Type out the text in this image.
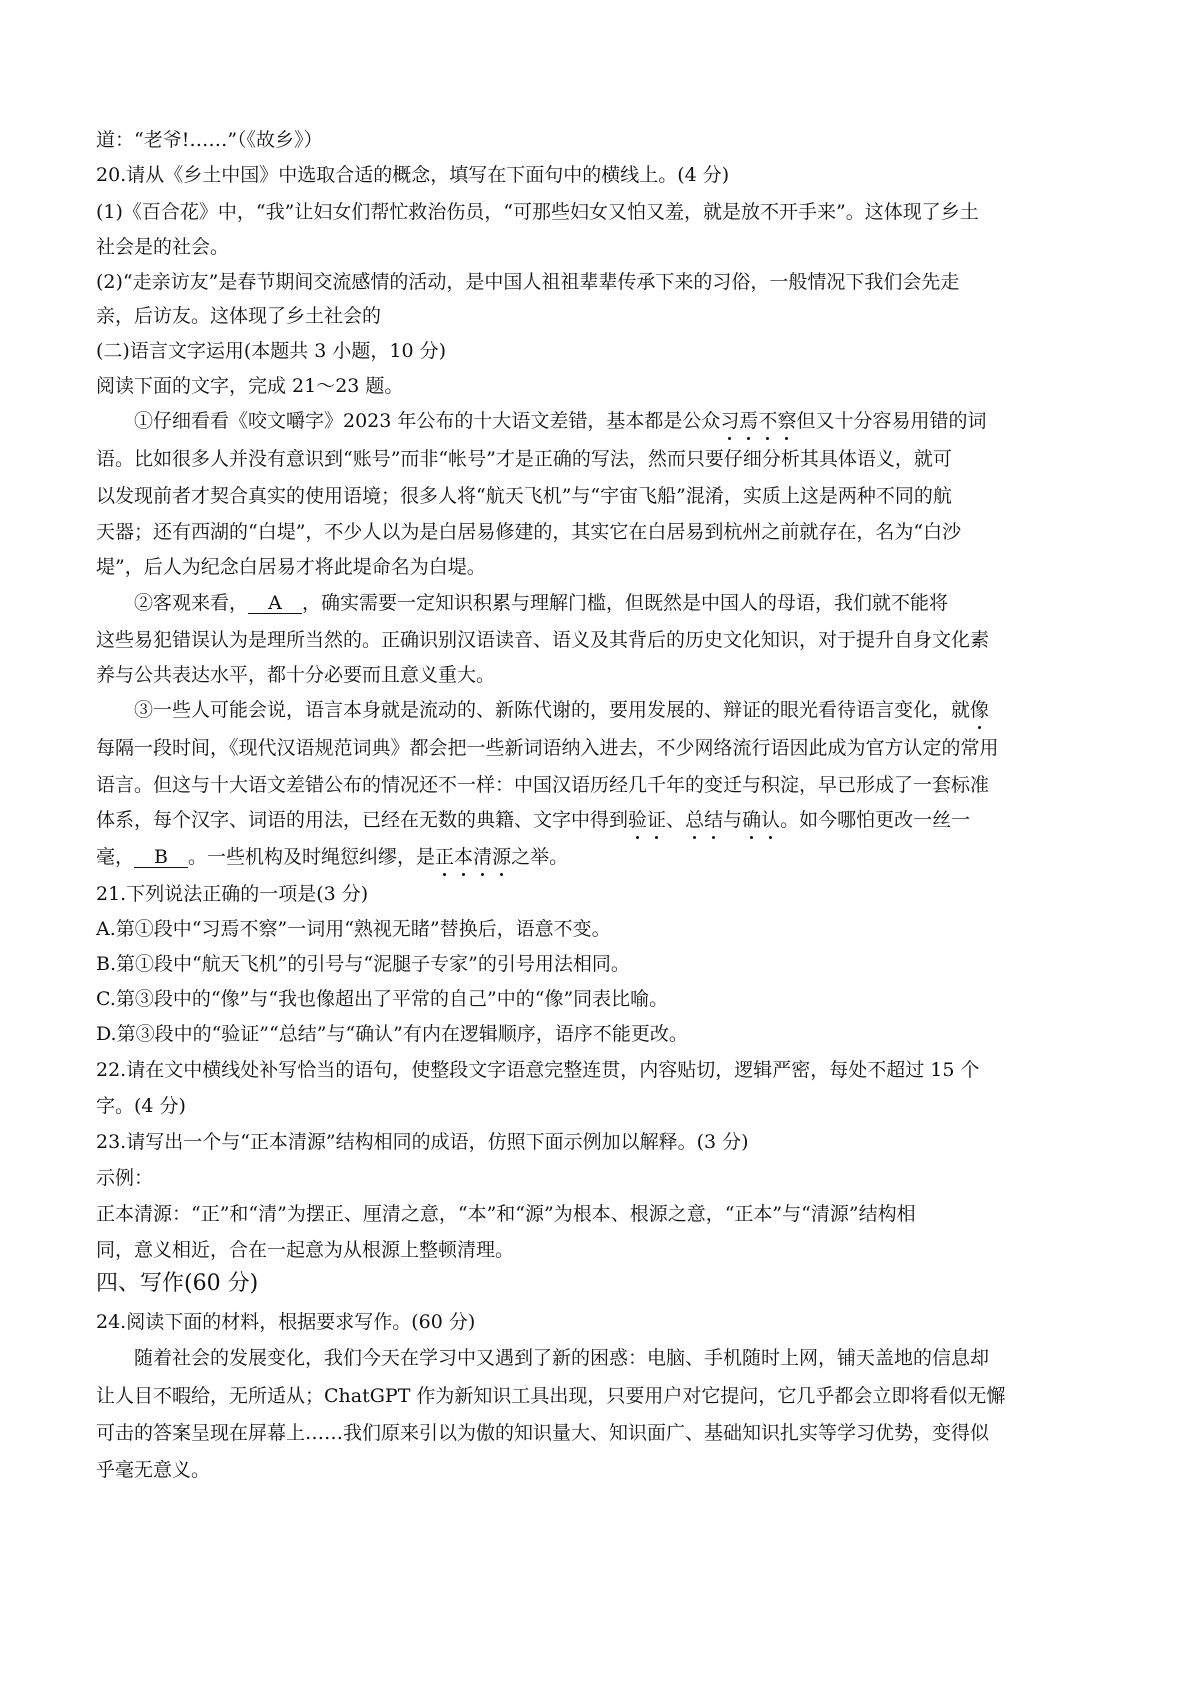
道：“老爷!……”（《故乡》）
20.请从《乡土中国》中选取合适的概念，填写在下面句中的横线上。(4 分)
(1)《百合花》中，“我”让妇女们帮忙救治伤员，“可那些妇女又怕又羞，就是放不开手来”。这体现了乡土
社会是的社会。
(2)“走亲访友”是春节期间交流感情的活动，是中国人祖祖辈辈传承下来的习俗，一般情况下我们会先走
亲，后访友。这体现了乡土社会的
(二)语言文字运用(本题共 3 小题，10 分)
阅读下面的文字，完成 21～23 题。
①仔细看看《咬文嚼字》2023 年公布的十大语文差错，基本都是公众习焉不察但又十分容易用错的词
语。比如很多人并没有意识到“账号”而非“帐号”才是正确的写法，然而只要仔细分析其具体语义，就可
以发现前者才契合真实的使用语境；很多人将“航天飞机”与“宇宙飞船”混淆，实质上这是两种不同的航
天器；还有西湖的“白堤”，不少人以为是白居易修建的，其实它在白居易到杭州之前就存在，名为“白沙
堤”，后人为纪念白居易才将此堤命名为白堤。
②客观来看， A ，确实需要一定知识积累与理解门槛，但既然是中国人的母语，我们就不能将
这些易犯错误认为是理所当然的。正确识别汉语读音、语义及其背后的历史文化知识，对于提升自身文化素
养与公共表达水平，都十分必要而且意义重大。
③一些人可能会说，语言本身就是流动的、新陈代谢的，要用发展的、辩证的眼光看待语言变化，就像
每隔一段时间，《现代汉语规范词典》都会把一些新词语纳入进去，不少网络流行语因此成为官方认定的常用
语言。但这与十大语文差错公布的情况还不一样：中国汉语历经几千年的变迁与积淀，早已形成了一套标准
体系，每个汉字、词语的用法，已经在无数的典籍、文字中得到验证、总结与确认。如今哪怕更改一丝一
毫， B 。一些机构及时绳愆纠缪，是正本清源之举。
21.下列说法正确的一项是(3 分)
A.第①段中“习焉不察”一词用“熟视无睹”替换后，语意不变。
B.第①段中“航天飞机”的引号与“泥腿子专家”的引号用法相同。
C.第③段中的“像”与“我也像超出了平常的自己”中的“像”同表比喻。
D.第③段中的“验证”“总结”与“确认”有内在逻辑顺序，语序不能更改。
22.请在文中横线处补写恰当的语句，使整段文字语意完整连贯，内容贴切，逻辑严密，每处不超过 15 个
字。(4 分)
23.请写出一个与“正本清源”结构相同的成语，仿照下面示例加以解释。(3 分)
示例：
正本清源：“正”和“清”为摆正、厘清之意，“本”和“源”为根本、根源之意，“正本”与“清源”结构相
同，意义相近，合在一起意为从根源上整顿清理。
四、写作(60 分)
24.阅读下面的材料，根据要求写作。(60 分)
随着社会的发展变化，我们今天在学习中又遇到了新的困惑：电脑、手机随时上网，铺天盖地的信息却
让人目不暇给，无所适从；ChatGPT 作为新知识工具出现，只要用户对它提问，它几乎都会立即将看似无懈
可击的答案呈现在屏幕上……我们原来引以为傲的知识量大、知识面广、基础知识扎实等学习优势，变得似
乎毫无意义。
